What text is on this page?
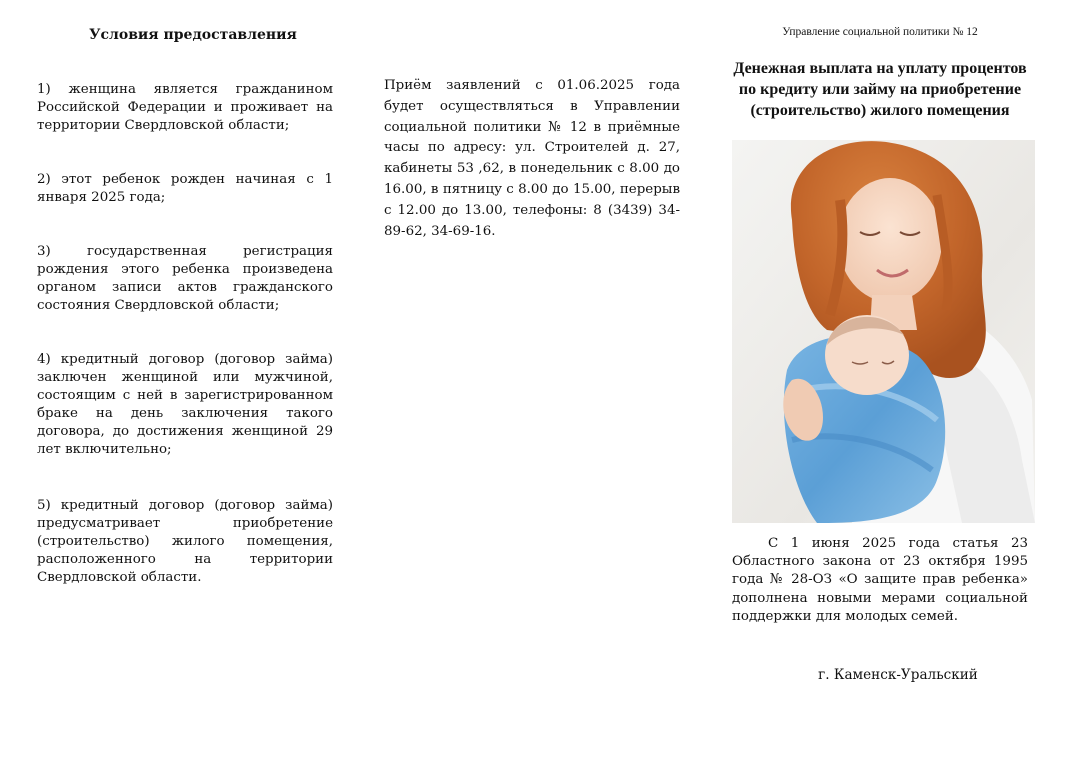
Условия предоставления
1) женщина является гражданином Российской Федерации и проживает на территории Свердловской области;
2) этот ребенок рожден начиная с 1 января 2025 года;
3) государственная регистрация рождения этого ребенка произведена органом записи актов гражданского состояния Свердловской области;
4) кредитный договор (договор займа) заключен женщиной или мужчиной, состоящим с ней в зарегистрированном браке на день заключения такого договора, до достижения женщиной 29 лет включительно;
5) кредитный договор (договор займа) предусматривает приобретение (строительство) жилого помещения, расположенного на территории Свердловской области.
Приём заявлений с 01.06.2025 года будет осуществляться в Управлении социальной политики № 12 в приёмные часы по адресу: ул. Строителей д. 27, кабинеты 53 ,62, в понедельник с 8.00 до 16.00, в пятницу с 8.00 до 15.00, перерыв с 12.00 до 13.00, телефоны: 8 (3439) 34-89-62, 34-69-16.
Управление социальной политики № 12
Денежная выплата на уплату процентов по кредиту или займу на приобретение (строительство) жилого помещения
С 1 июня 2025 года статья 23 Областного закона от 23 октября 1995 года № 28-ОЗ «О защите прав ребенка» дополнена новыми мерами социальной поддержки для молодых семей.
г. Каменск-Уральский
